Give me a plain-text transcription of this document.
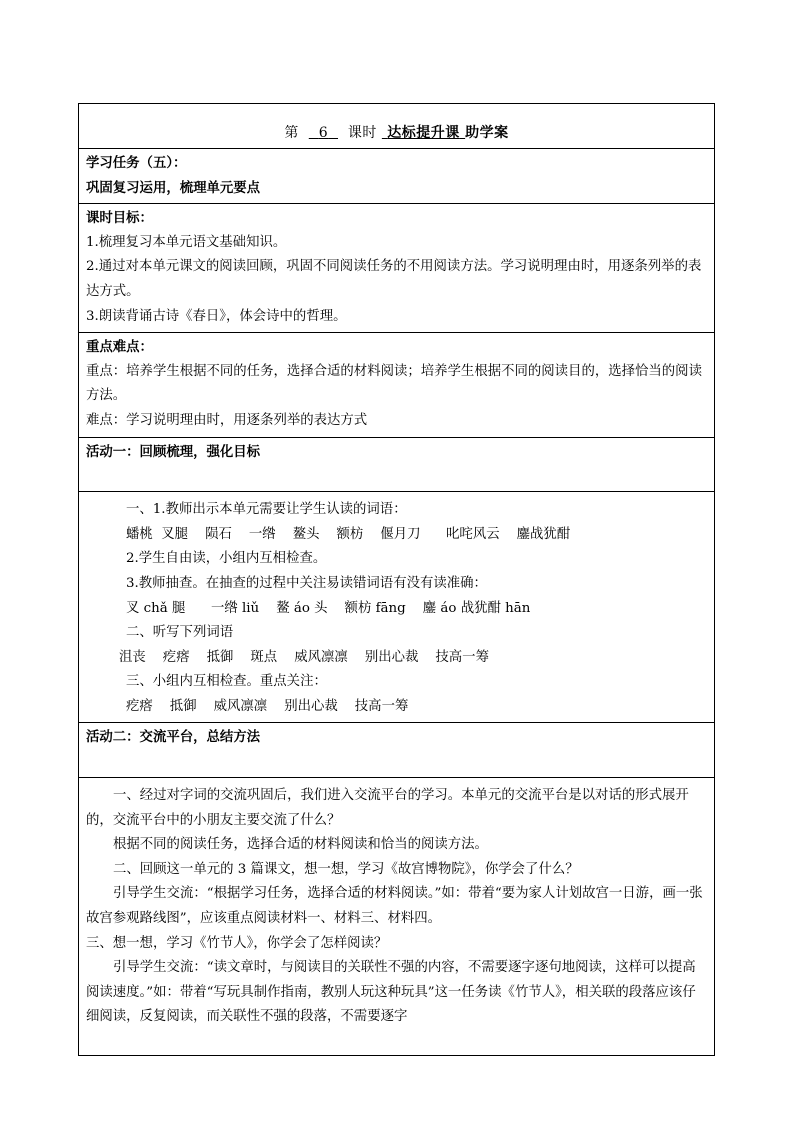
第 6 课时 达标提升课 助学案

学习任务（五）：
巩固复习运用，梳理单元要点

课时目标：
1.梳理复习本单元语文基础知识。
2.通过对本单元课文的阅读回顾，巩固不同阅读任务的不用阅读方法。学习说明理由时，用逐条列举的表达方式。
3.朗读背诵古诗《春日》，体会诗中的哲理。

重点难点：
重点：培养学生根据不同的任务，选择合适的材料阅读；培养学生根据不同的阅读目的，选择恰当的阅读方法。
难点：学习说明理由时，用逐条列举的表达方式

活动一：回顾梳理，强化目标

一、1.教师出示本单元需要让学生认读的词语：
蟠桃  叉腿    陨石    一绺    鳌头    额枋    偃月刀      叱咤风云    鏖战犹酣
2.学生自由读，小组内互相检查。
3.教师抽查。在抽查的过程中关注易读错词语有没有读准确：
叉 chǎ 腿      一绺 liǔ    鳌 áo 头    额枋 fāng    鏖 áo 战犹酣 hān
二、听写下列词语
沮丧    疙瘩    抵御    斑点    威风凛凛    别出心裁    技高一筹
三、小组内互相检查。重点关注：
疙瘩    抵御    威风凛凛    别出心裁    技高一筹

活动二：交流平台，总结方法

一、经过对字词的交流巩固后，我们进入交流平台的学习。本单元的交流平台是以对话的形式展开的，交流平台中的小朋友主要交流了什么？
根据不同的阅读任务，选择合适的材料阅读和恰当的阅读方法。
二、回顾这一单元的 3 篇课文，想一想，学习《故宫博物院》，你学会了什么？
引导学生交流：“根据学习任务，选择合适的材料阅读。”如：带着“要为家人计划故宫一日游，画一张故宫参观路线图”，应该重点阅读材料一、材料三、材料四。
三、想一想，学习《竹节人》，你学会了怎样阅读？
引导学生交流：“读文章时，与阅读目的关联性不强的内容，不需要逐字逐句地阅读，这样可以提高阅读速度。”如：带着“写玩具制作指南，教别人玩这种玩具”这一任务读《竹节人》，相关联的段落应该仔细阅读，反复阅读，而关联性不强的段落，不需要逐字
